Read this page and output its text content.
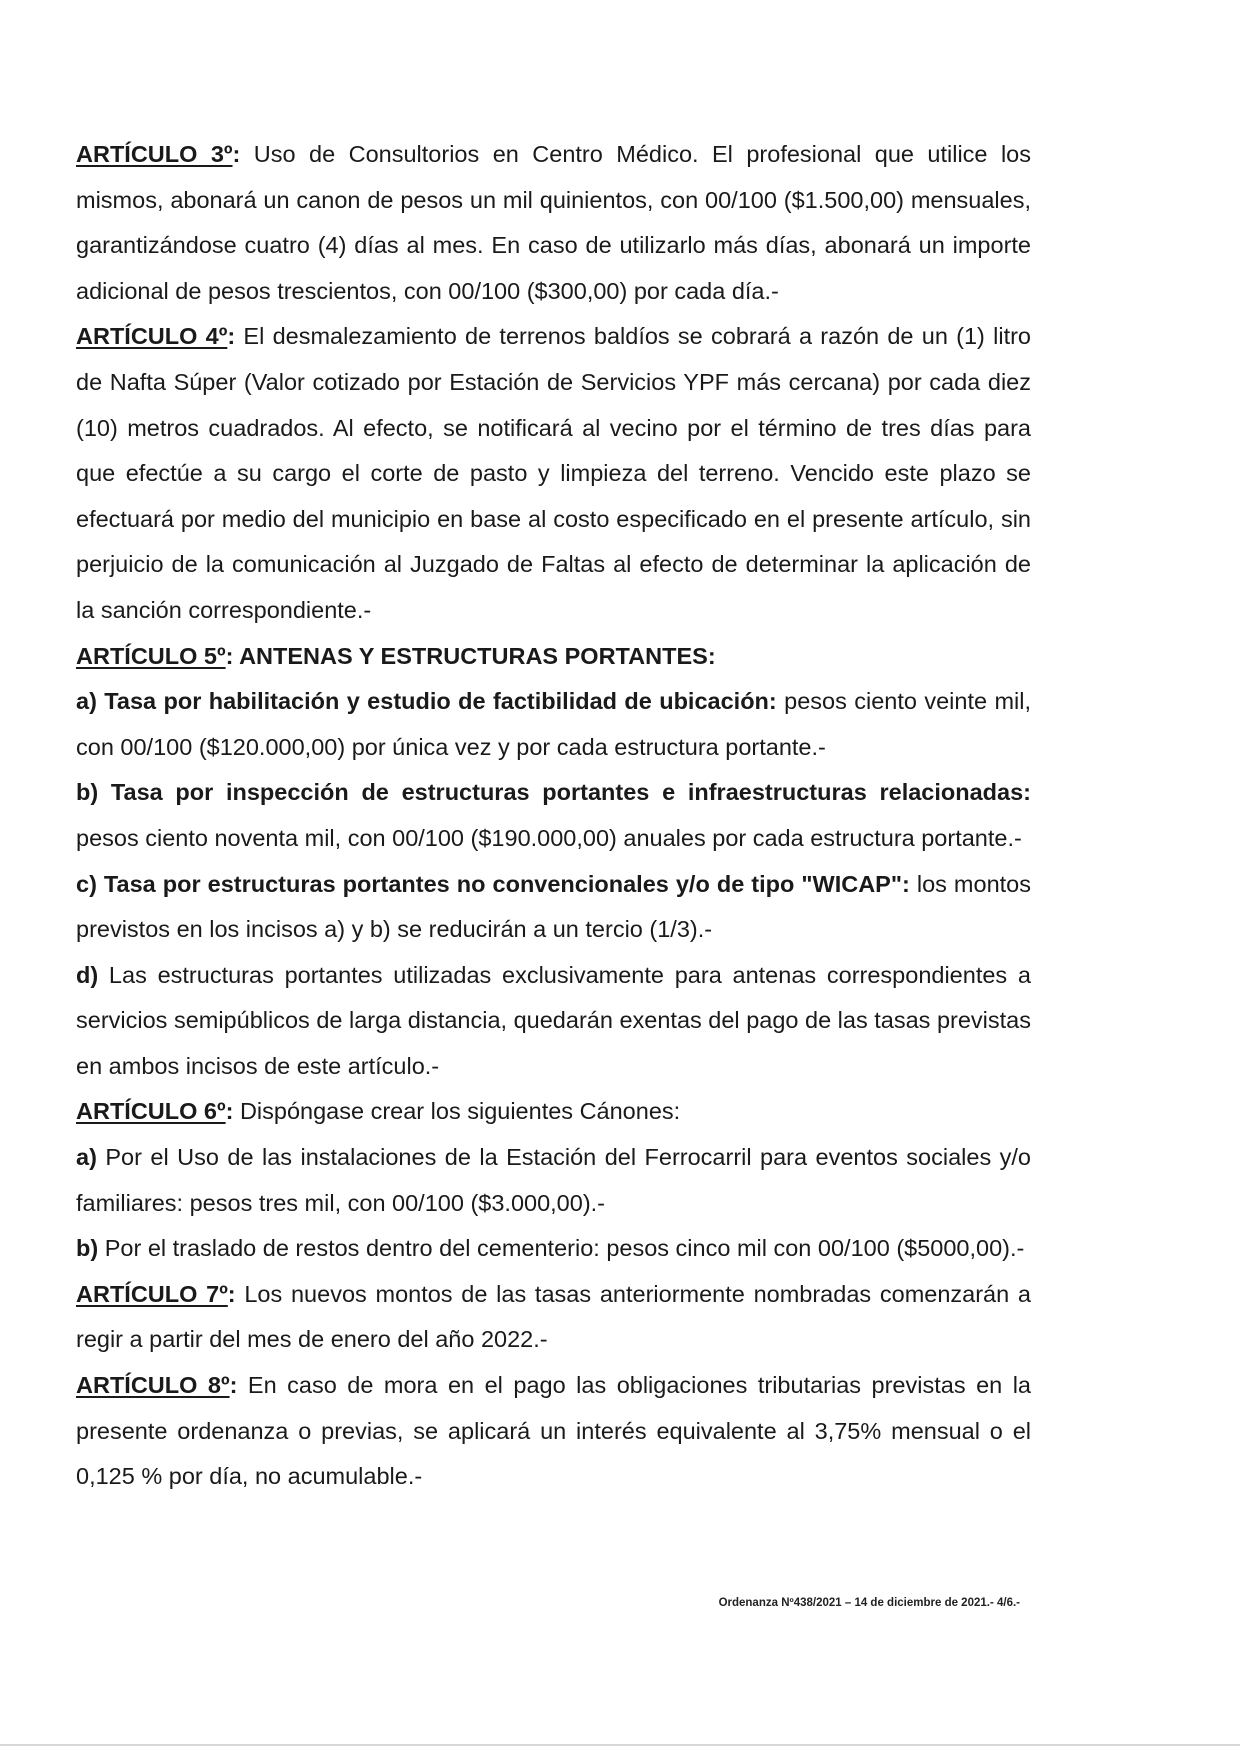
ARTÍCULO 3º: Uso de Consultorios en Centro Médico. El profesional que utilice los mismos, abonará un canon de pesos un mil quinientos, con 00/100 ($1.500,00) mensuales, garantizándose cuatro (4) días al mes. En caso de utilizarlo más días, abonará un importe adicional de pesos trescientos, con 00/100 ($300,00) por cada día.-

ARTÍCULO 4º: El desmalezamiento de terrenos baldíos se cobrará a razón de un (1) litro de Nafta Súper (Valor cotizado por Estación de Servicios YPF más cercana) por cada diez (10) metros cuadrados. Al efecto, se notificará al vecino por el término de tres días para que efectúe a su cargo el corte de pasto y limpieza del terreno. Vencido este plazo se efectuará por medio del municipio en base al costo especificado en el presente artículo, sin perjuicio de la comunicación al Juzgado de Faltas al efecto de determinar la aplicación de la sanción correspondiente.-

ARTÍCULO 5º: ANTENAS Y ESTRUCTURAS PORTANTES:

a) Tasa por habilitación y estudio de factibilidad de ubicación: pesos ciento veinte mil, con 00/100 ($120.000,00) por única vez y por cada estructura portante.-

b) Tasa por inspección de estructuras portantes e infraestructuras relacionadas: pesos ciento noventa mil, con 00/100 ($190.000,00) anuales por cada estructura portante.-

c) Tasa por estructuras portantes no convencionales y/o de tipo "WICAP": los montos previstos en los incisos a) y b) se reducirán a un tercio (1/3).-

d) Las estructuras portantes utilizadas exclusivamente para antenas correspondientes a servicios semipúblicos de larga distancia, quedarán exentas del pago de las tasas previstas en ambos incisos de este artículo.-

ARTÍCULO 6º: Dispóngase crear los siguientes Cánones:

a) Por el Uso de las instalaciones de la Estación del Ferrocarril para eventos sociales y/o familiares: pesos tres mil, con 00/100 ($3.000,00).-

b) Por el traslado de restos dentro del cementerio: pesos cinco mil con 00/100 ($5000,00).-

ARTÍCULO 7º: Los nuevos montos de las tasas anteriormente nombradas comenzarán a regir a partir del mes de enero del año 2022.-

ARTÍCULO 8º: En caso de mora en el pago las obligaciones tributarias previstas en la presente ordenanza o previas, se aplicará un interés equivalente al 3,75% mensual o el 0,125 % por día, no acumulable.-

Ordenanza Nº438/2021 – 14 de diciembre de 2021.- 4/6.-
